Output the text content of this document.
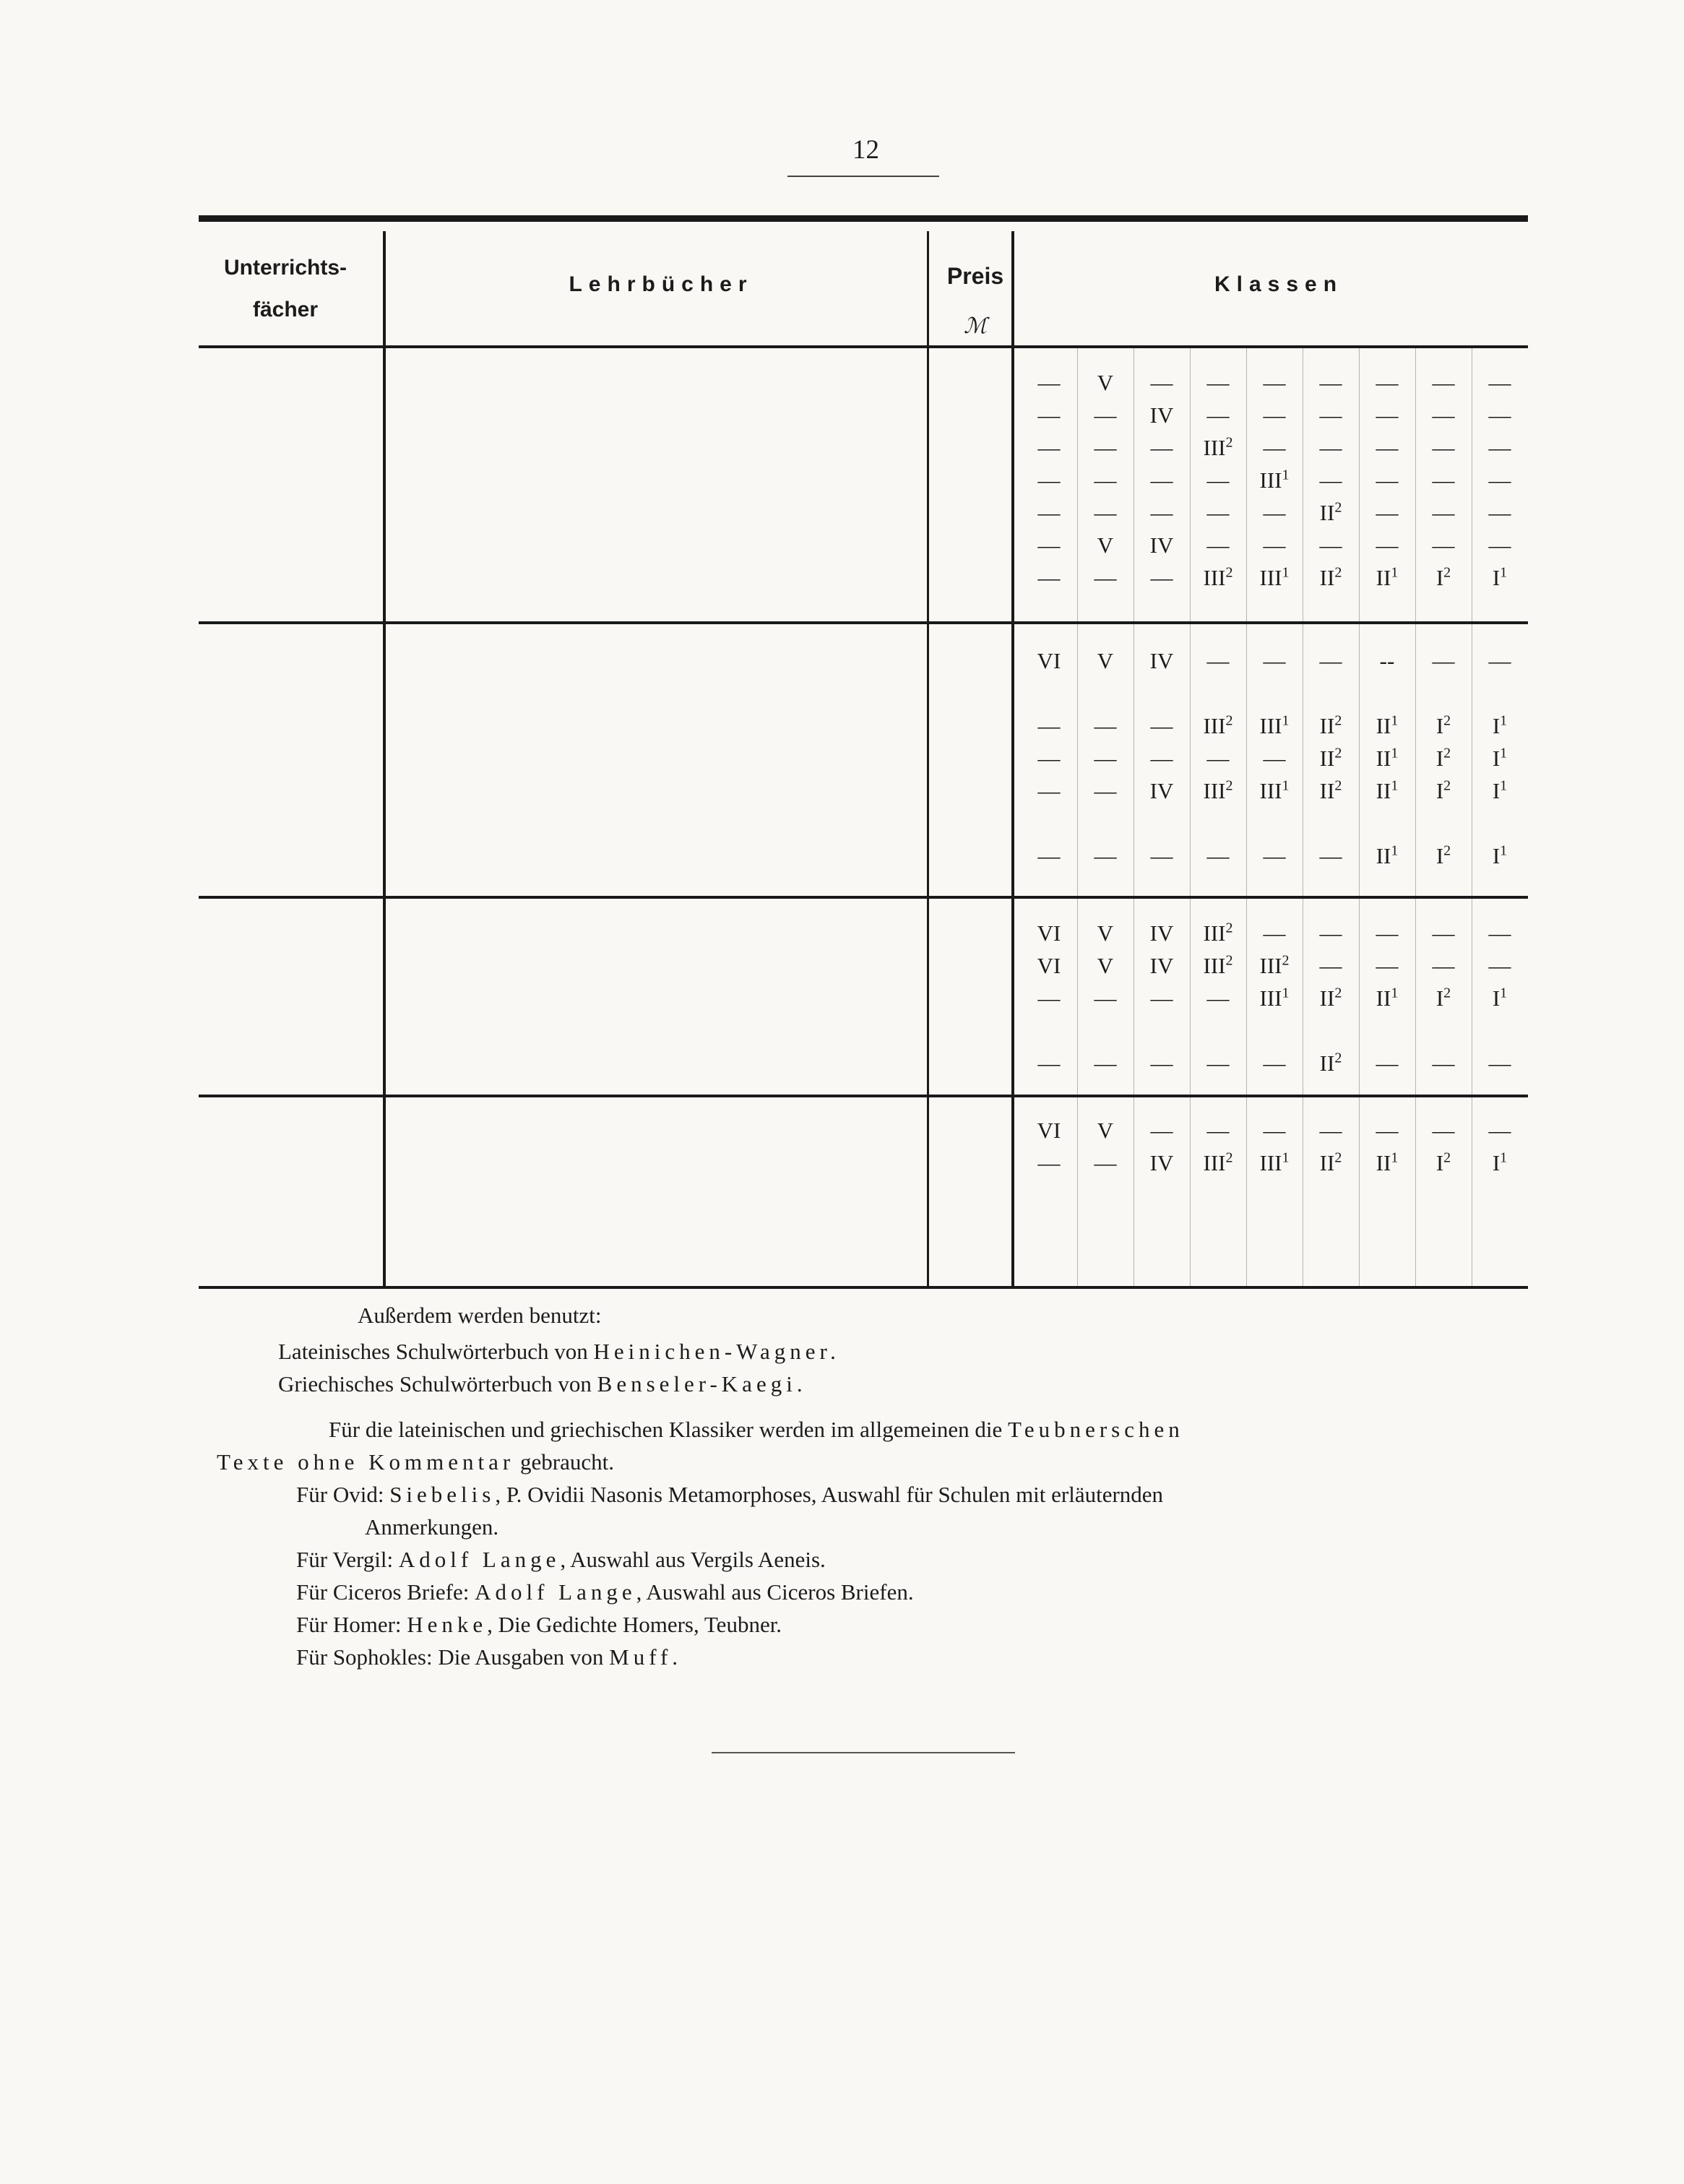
12
Unterrichts-
fächer
Lehrbücher	Preis
ℳ
Klassen
—	V	—	—	—	—	—	—	—
—	—	IV	—	—	—	—	—	—
—	—	—	III$^2$	—	—	—	—	—
—	—	—	—	III$^1$	—	—	—	—
—	—	—	—	—	$II^2$	—	—	—
—	V	IV	—	—	—	—	—	—
—	—	—	III$^2$	III$^1$	$II^2$	$II^1$	$I^2$	$I^1$
VI	V	IV	—	—	—	--	—	—
—	—	—	III$^2$	III$^1$	$II^2$	$II^1$	$I^2$	$I^1$
—	—	—	—	—	$II^2$	$II^1$	$I^2$	$I^1$
—	—	IV	III$^2$	III$^1$	$II^2$	$II^1$	$I^2$	$I^1$
—	—	—	—	—	—	$II^1$	$I^2$	$I^1$
VI	V	IV	III$^2$	—	—	—	—	—
VI	V	IV	III$^2$	III$^2$	—	—	—	—
—	—	—	—	III$^1$	$II^2$	$II^1$	$I^2$	$I^1$
—	—	—	—	—	$II^2$	—	—	—
VI	V	—	—	—	—	—	—	—
—	—	IV	III$^2$	III$^1$	$II^2$	$II^1$	$I^2$	$I^1$
Außerdem werden benutzt:
Lateinisches Schulwörterbuch von Heinichen-Wagner.
Griechisches Schulwörterbuch von Benseler-Kaegi.
Für die lateinischen und griechischen Klassiker werden im allgemeinen die Teubnerschen
Texte ohne Kommentar gebraucht.
Für Ovid: Siebelis, P. Ovidii Nasonis Metamorphoses, Auswahl für Schulen mit erläuternden
Anmerkungen.
Für Vergil: Adolf Lange, Auswahl aus Vergils Aeneis.
Für Ciceros Briefe: Adolf Lange, Auswahl aus Ciceros Briefen.
Für Homer: Henke, Die Gedichte Homers, Teubner.
Für Sophokles: Die Ausgaben von Muff.
